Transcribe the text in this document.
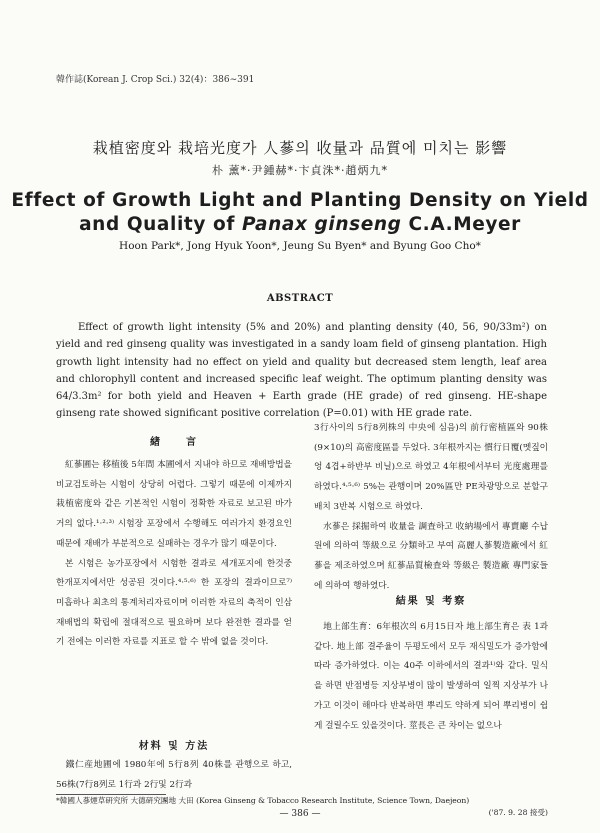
韓作誌(Korean J. Crop Sci.) 32(4)：386∼391
栽植密度와 栽培光度가 人蔘의 收量과 品質에 미치는 影響
朴 薰*·尹鍾赫*·卞貞洙*·趙炳九*
Effect of Growth Light and Planting Density on Yield
and Quality of Panax ginseng C.A.Meyer
Hoon Park*, Jong Hyuk Yoon*, Jeung Su Byen* and Byung Goo Cho*
ABSTRACT
Effect of growth light intensity (5% and 20%) and planting density (40, 56, 90/33m²) on yield and red ginseng quality was investigated in a sandy loam field of ginseng plantation. High growth light intensity had no effect on yield and quality but decreased stem length, leaf area and chlorophyll content and increased specific leaf weight. The optimum planting density was 64/3.3m² for both yield and Heaven + Earth grade (HE grade) of red ginseng. HE-shape ginseng rate showed significant positive correlation (P=0.01) with HE grade rate.
緖　　言

紅蔘圃는 移植後 5年間 本圃에서 지내야 하므로 재배방법을 비교검토하는 시험이 상당히 어렵다. 그렇기 때문에 이제까지 栽植密度와 같은 기본적인 시험이 정확한 자료로 보고된 바가 거의 없다.¹·²·³⁾ 시험장 포장에서 수행해도 여러가지 환경요인 때문에 재배가 부분적으로 실패하는 경우가 많기 때문이다.

본 시험은 농가포장에서 시험한 결과로 세개포지에 한것중 한개포지에서만 성공된 것이다.⁴·⁵·⁶⁾ 한 포장의 결과이므로⁷⁾ 미흡하나 최초의 통계처리자료이며 이러한 자료의 축적이 인삼재배법의 확립에 절대적으로 필요하며 보다 완전한 결과를 얻기 전에는 이러한 자료를 지표로 할 수 밖에 없을 것이다.

材料 및 方法

鐵仁産地圃에 1980年에 5行8列 40株를 관행으로 하고, 56株(7行8列로 1行과 2行및 2行과

3行사이의 5行8列株의 中央에 심음)의 前行密植區와 90株(9×10)의 高密度區를 두었다. 3年根까지는 慣行日覆(멧짚이엉 4겹+하반부 비닐)으로 하였고 4年根에서부터 光度處理를 하였다.⁴·⁵·⁶⁾ 5%는 관행이며 20%區만 PE차광망으로 분할구 배치 3반복 시험으로 하였다.

水蔘은 採掘하여 收量을 調査하고 收納場에서 專賣廳 수납원에 의하여 等級으로 分類하고 부여 高麗人蔘製造廠에서 紅蔘을 제조하였으며 紅蔘品質檢査와 等級은 製造廠 專門家들에 의하여 행하였다.

結果 및 考察

地上部生育：6年根次의 6月15日자 地上部生育은 表 1과 같다. 地上部 결주율이 두평도에서 모두 재식밀도가 증가함에 따라 증가하였다. 이는 40주 이하에서의 결과¹⁾와 같다. 밀식을 하면 반점병등 지상부병이 많이 발생하여 일찍 지상부가 나가고 이것이 해마다 반복하면 뿌리도 약하게 되어 뿌리병이 쉽게 걸릴수도 있을것이다. 莖長은 큰 차이는 없으나

*韓國人蔘煙草硏究所 大德硏究團地 大田 (Korea Ginseng & Tobacco Research Institute, Science Town, Daejeon)
('87. 9. 28 接受)
— 386 —
